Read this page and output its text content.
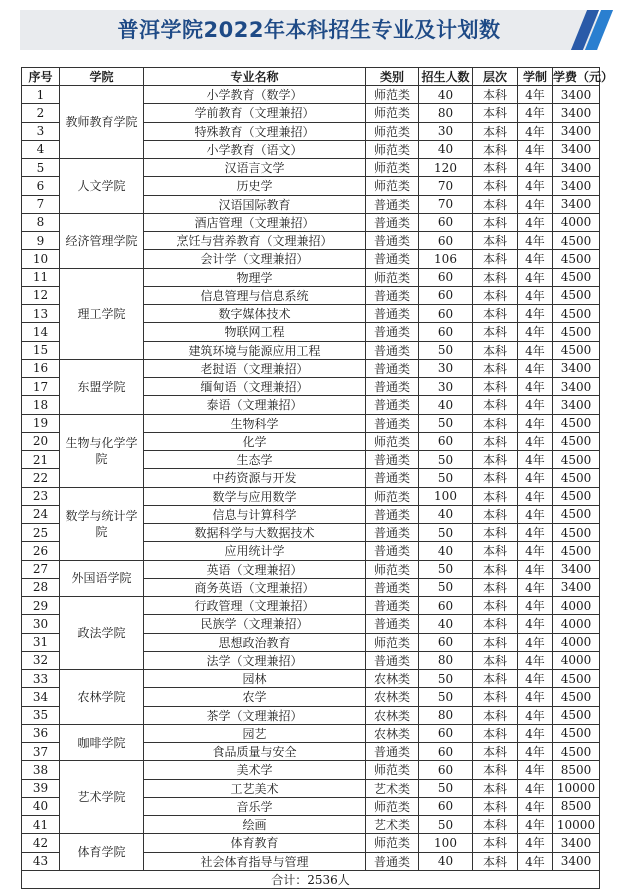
普洱学院2022年本科招生专业及计划数
序号	学院	专业名称	类别	招生人数	层次	学制	学费（元）
1	教师教育学院	小学教育（数学）	师范类	40	本科	4年	3400
2		学前教育（文理兼招）	师范类	80	本科	4年	3400
3		特殊教育（文理兼招）	师范类	30	本科	4年	3400
4		小学教育（语文）	师范类	40	本科	4年	3400
5	人文学院	汉语言文学	师范类	120	本科	4年	3400
6		历史学	师范类	70	本科	4年	3400
7		汉语国际教育	普通类	70	本科	4年	3400
8	经济管理学院	酒店管理（文理兼招）	普通类	60	本科	4年	4000
9		烹饪与营养教育（文理兼招）	普通类	60	本科	4年	4500
10		会计学（文理兼招）	普通类	106	本科	4年	4500
11	理工学院	物理学	师范类	60	本科	4年	4500
12		信息管理与信息系统	普通类	60	本科	4年	4500
13		数字媒体技术	普通类	60	本科	4年	4500
14		物联网工程	普通类	60	本科	4年	4500
15		建筑环境与能源应用工程	普通类	50	本科	4年	4500
16	东盟学院	老挝语（文理兼招）	普通类	30	本科	4年	3400
17		缅甸语（文理兼招）	普通类	30	本科	4年	3400
18		泰语（文理兼招）	普通类	40	本科	4年	3400
19	生物与化学学院	生物科学	普通类	50	本科	4年	4500
20		化学	师范类	60	本科	4年	4500
21		生态学	普通类	50	本科	4年	4500
22		中药资源与开发	普通类	50	本科	4年	4500
23	数学与统计学院	数学与应用数学	师范类	100	本科	4年	4500
24		信息与计算科学	普通类	40	本科	4年	4500
25		数据科学与大数据技术	普通类	50	本科	4年	4500
26		应用统计学	普通类	40	本科	4年	4500
27	外国语学院	英语（文理兼招）	师范类	50	本科	4年	3400
28		商务英语（文理兼招）	普通类	50	本科	4年	3400
29	政法学院	行政管理（文理兼招）	普通类	60	本科	4年	4000
30		民族学（文理兼招）	普通类	40	本科	4年	4000
31		思想政治教育	师范类	60	本科	4年	4000
32		法学（文理兼招）	普通类	80	本科	4年	4000
33	农林学院	园林	农林类	50	本科	4年	4500
34		农学	农林类	50	本科	4年	4500
35		茶学（文理兼招）	农林类	80	本科	4年	4500
36	咖啡学院	园艺	农林类	60	本科	4年	4500
37		食品质量与安全	普通类	60	本科	4年	4500
38	艺术学院	美术学	师范类	60	本科	4年	8500
39		工艺美术	艺术类	50	本科	4年	10000
40		音乐学	师范类	60	本科	4年	8500
41		绘画	艺术类	50	本科	4年	10000
42	体育学院	体育教育	师范类	100	本科	4年	3400
43		社会体育指导与管理	普通类	40	本科	4年	3400
合计：2536人							
